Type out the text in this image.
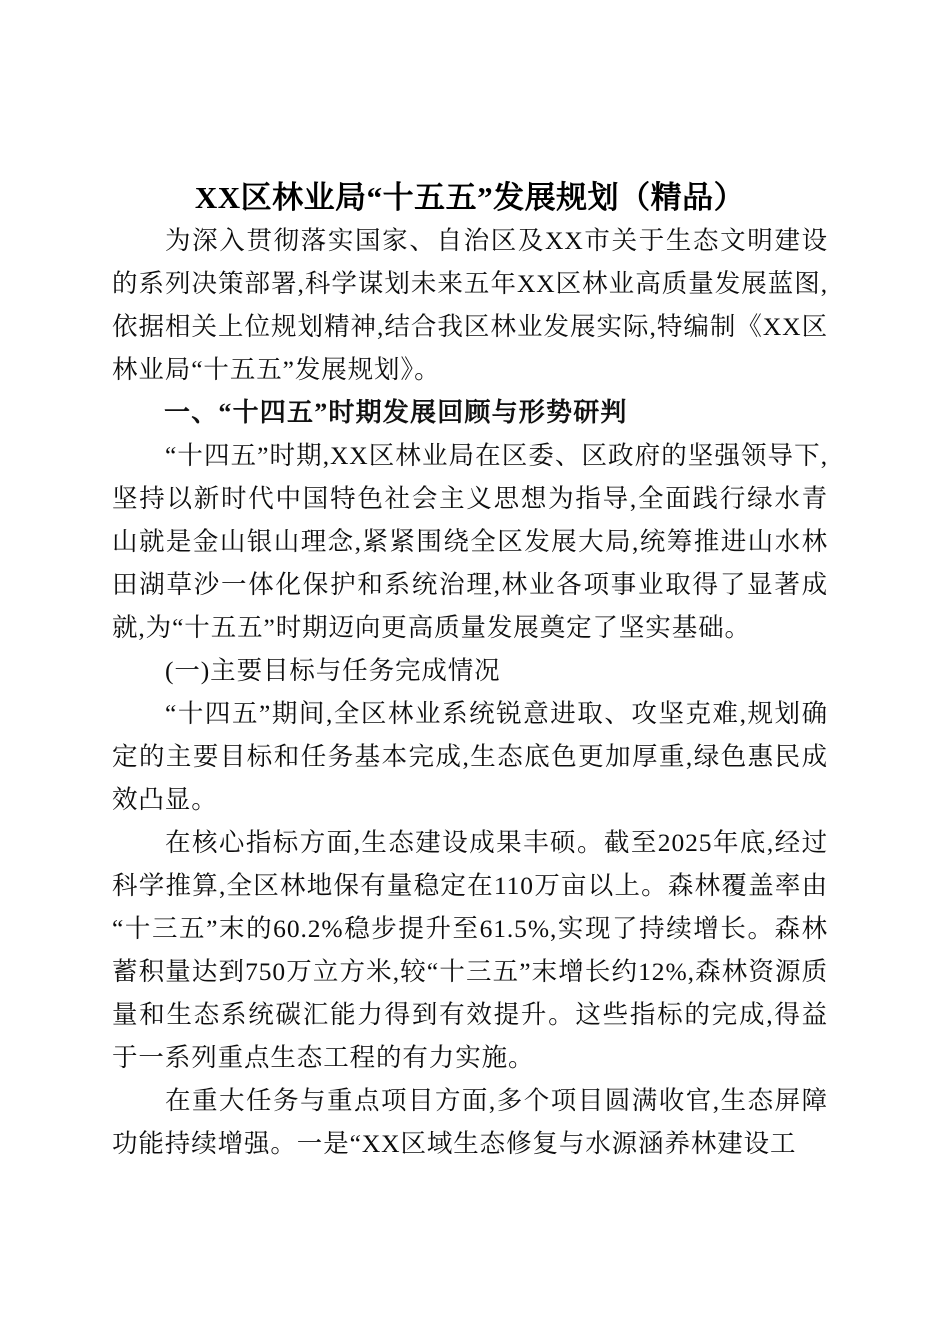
XX区林业局“十五五”发展规划（精品）

为深入贯彻落实国家、自治区及XX市关于生态文明建设的系列决策部署,科学谋划未来五年XX区林业高质量发展蓝图,依据相关上位规划精神,结合我区林业发展实际,特编制《XX区林业局“十五五”发展规划》。

一、“十四五”时期发展回顾与形势研判

“十四五”时期,XX区林业局在区委、区政府的坚强领导下,坚持以新时代中国特色社会主义思想为指导,全面践行绿水青山就是金山银山理念,紧紧围绕全区发展大局,统筹推进山水林田湖草沙一体化保护和系统治理,林业各项事业取得了显著成就,为“十五五”时期迈向更高质量发展奠定了坚实基础。

(一)主要目标与任务完成情况

“十四五”期间,全区林业系统锐意进取、攻坚克难,规划确定的主要目标和任务基本完成,生态底色更加厚重,绿色惠民成效凸显。

在核心指标方面,生态建设成果丰硕。截至2025年底,经过科学推算,全区林地保有量稳定在110万亩以上。森林覆盖率由“十三五”末的60.2%稳步提升至61.5%,实现了持续增长。森林蓄积量达到750万立方米,较“十三五”末增长约12%,森林资源质量和生态系统碳汇能力得到有效提升。这些指标的完成,得益于一系列重点生态工程的有力实施。

在重大任务与重点项目方面,多个项目圆满收官,生态屏障功能持续增强。一是“XX区域生态修复与水源涵养林建设工
